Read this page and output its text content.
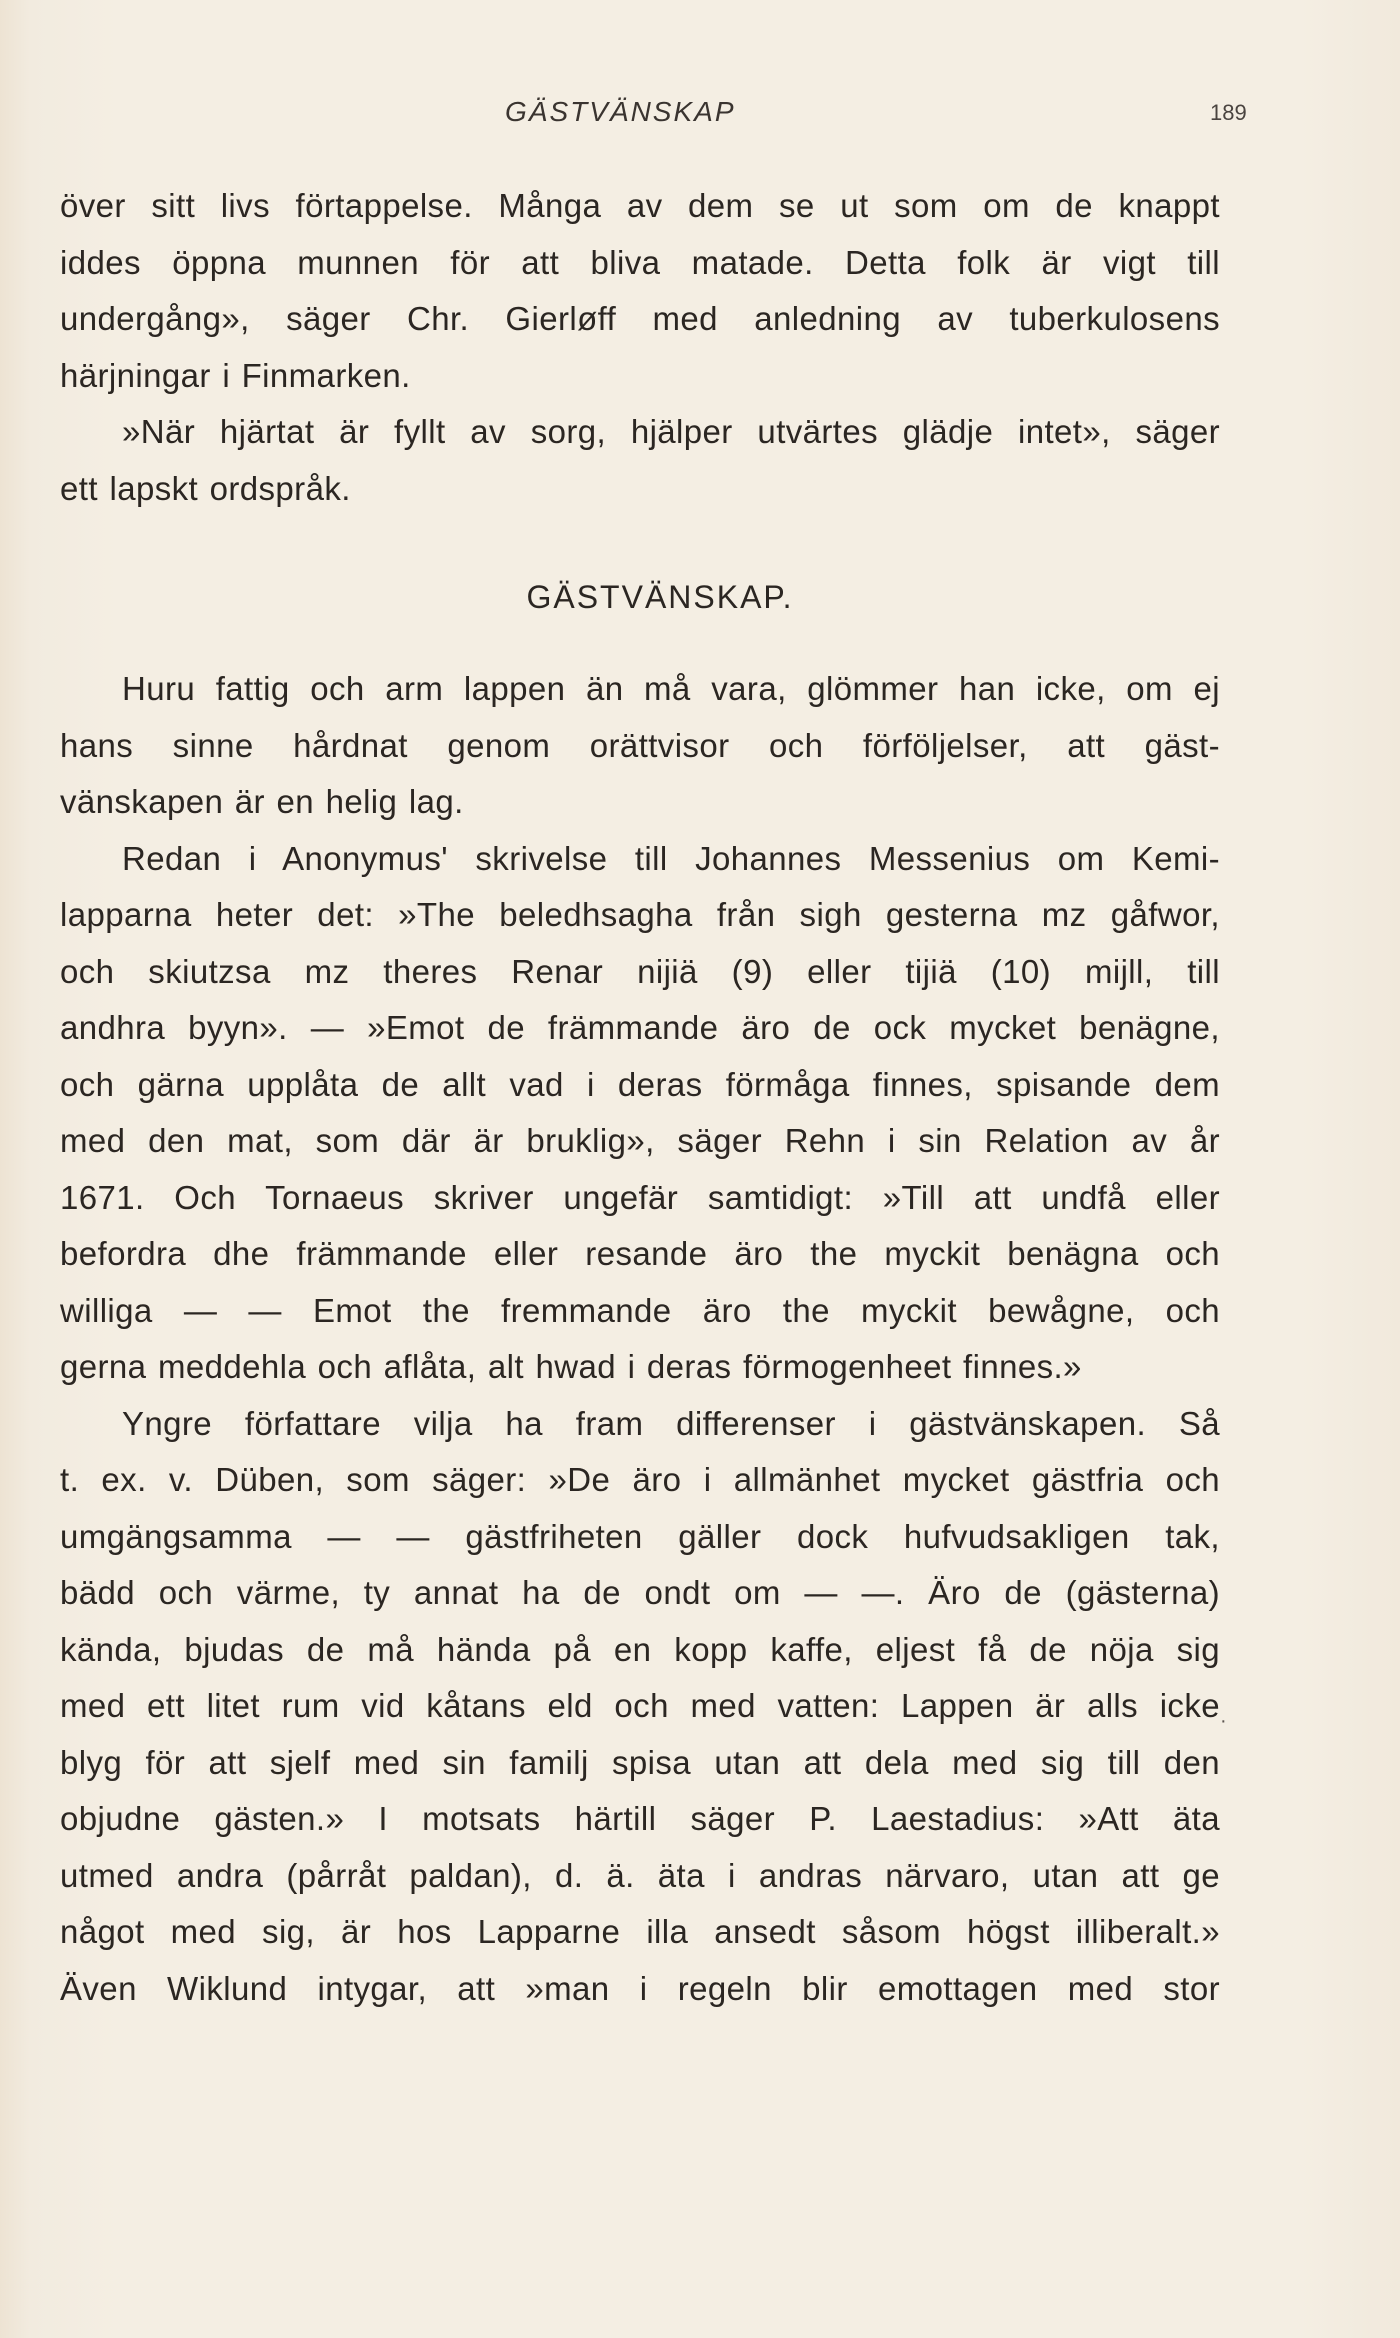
GÄSTVÄNSKAP	189
över sitt livs förtappelse. Många av dem se ut som om de knappt
iddes öppna munnen för att bliva matade. Detta folk är vigt till
undergång», säger Chr. Gierløff med anledning av tuberkulosens
härjningar i Finmarken.
»När hjärtat är fyllt av sorg, hjälper utvärtes glädje intet», säger
ett lapskt ordspråk.
GÄSTVÄNSKAP.
Huru fattig och arm lappen än må vara, glömmer han icke, om ej
hans sinne hårdnat genom orättvisor och förföljelser, att gäst-
vänskapen är en helig lag.
Redan i Anonymus' skrivelse till Johannes Messenius om Kemi-
lapparna heter det: »The beledhsagha från sigh gesterna mz gåfwor,
och skiutzsa mz theres Renar nijiä (9) eller tijiä (10) mijll, till
andhra byyn». — »Emot de främmande äro de ock mycket benägne,
och gärna upplåta de allt vad i deras förmåga finnes, spisande dem
med den mat, som där är bruklig», säger Rehn i sin Relation av år
1671. Och Tornaeus skriver ungefär samtidigt: »Till att undfå eller
befordra dhe främmande eller resande äro the myckit benägna och
williga — — Emot the fremmande äro the myckit bewågne, och
gerna meddehla och aflåta, alt hwad i deras förmogenheet finnes.»
Yngre författare vilja ha fram differenser i gästvänskapen. Så
t. ex. v. Düben, som säger: »De äro i allmänhet mycket gästfria och
umgängsamma — — gästfriheten gäller dock hufvudsakligen tak,
bädd och värme, ty annat ha de ondt om — —. Äro de (gästerna)
kända, bjudas de må hända på en kopp kaffe, eljest få de nöja sig
med ett litet rum vid kåtans eld och med vatten: Lappen är alls icke
blyg för att sjelf med sin familj spisa utan att dela med sig till den
objudne gästen.» I motsats härtill säger P. Laestadius: »Att äta
utmed andra (pårråt paldan), d. ä. äta i andras närvaro, utan att ge
något med sig, är hos Lapparne illa ansedt såsom högst illiberalt.»
Även Wiklund intygar, att »man i regeln blir emottagen med stor
·
